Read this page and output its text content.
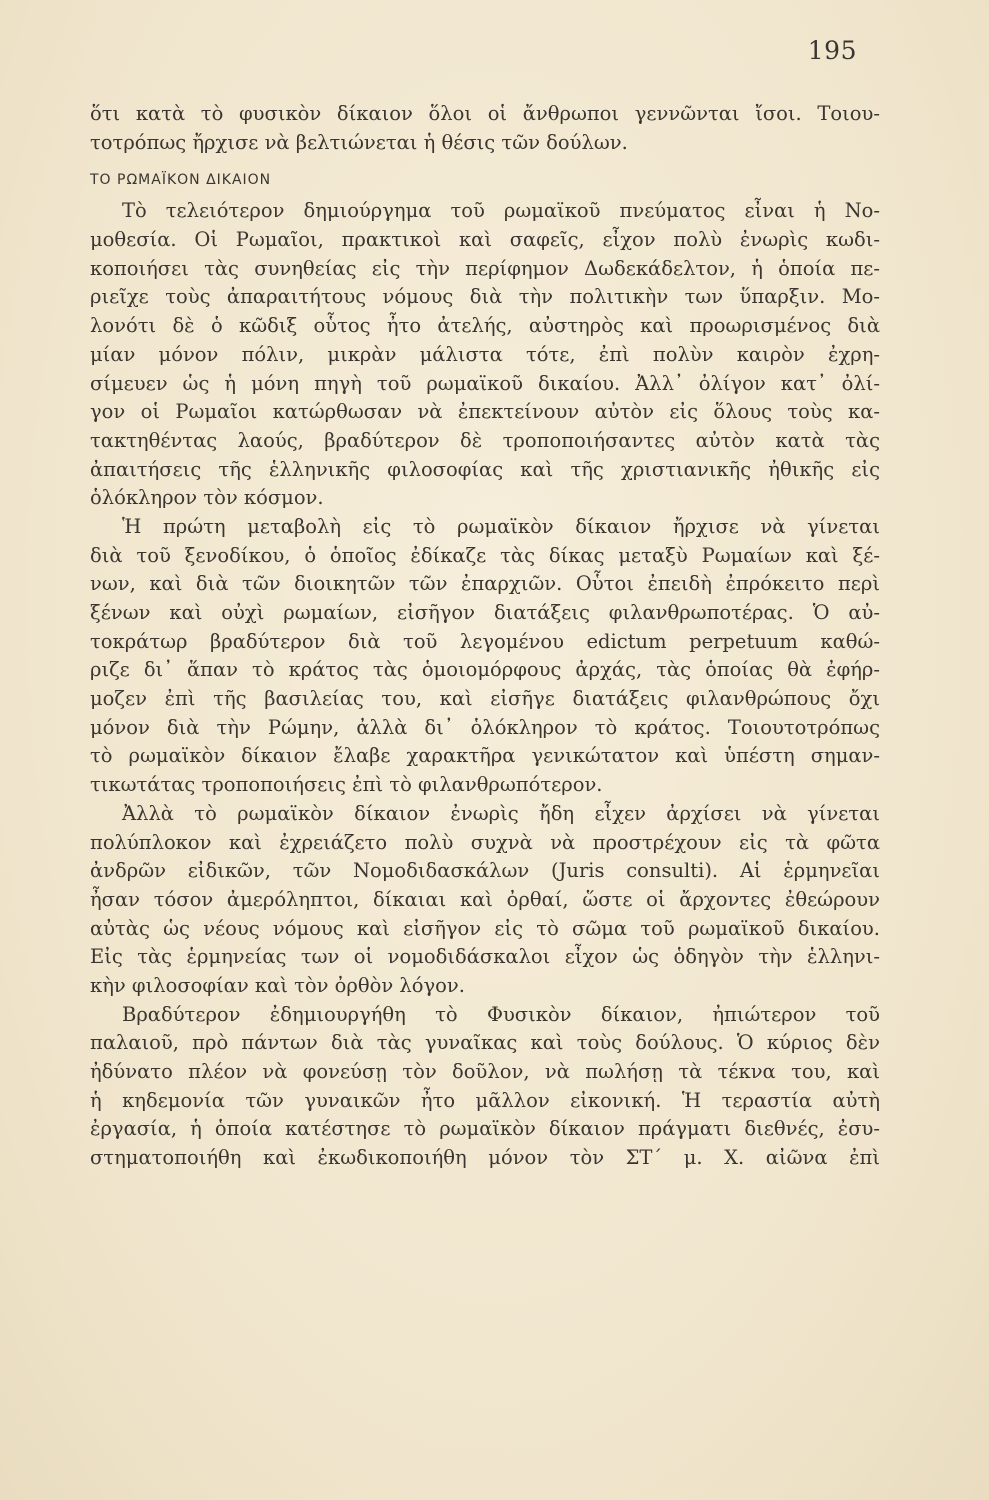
195
ὅτι κατὰ τὸ φυσικὸν δίκαιον ὅλοι οἱ ἄνθρωποι γεννῶνται ἴσοι. Τοιου-
τοτρόπως ἤρχισε νὰ βελτιώνεται ἡ θέσις τῶν δούλων.
ΤΟ ΡΩΜΑΪΚΟΝ ΔΙΚΑΙΟΝ
Τὸ τελειότερον δημιούργημα τοῦ ρωμαϊκοῦ πνεύματος εἶναι ἡ Νο-
μοθεσία. Οἱ Ρωμαῖοι, πρακτικοὶ καὶ σαφεῖς, εἶχον πολὺ ἐνωρὶς κωδι-
κοποιήσει τὰς συνηθείας εἰς τὴν περίφημον Δωδεκάδελτον, ἡ ὁποία πε-
ριεῖχε τοὺς ἀπαραιτήτους νόμους διὰ τὴν πολιτικὴν των ὕπαρξιν. Μο-
λονότι δὲ ὁ κῶδιξ οὗτος ἦτο ἀτελής, αὐστηρὸς καὶ προωρισμένος διὰ
μίαν μόνον πόλιν, μικρὰν μάλιστα τότε, ἐπὶ πολὺν καιρὸν ἐχρη-
σίμευεν ὡς ἡ μόνη πηγὴ τοῦ ρωμαϊκοῦ δικαίου. Ἀλλ᾽ ὀλίγον κατ᾽ ὀλί-
γον οἱ Ρωμαῖοι κατώρθωσαν νὰ ἐπεκτείνουν αὐτὸν εἰς ὅλους τοὺς κα-
τακτηθέντας λαούς, βραδύτερον δὲ τροποποιήσαντες αὐτὸν κατὰ τὰς
ἀπαιτήσεις τῆς ἑλληνικῆς φιλοσοφίας καὶ τῆς χριστιανικῆς ἠθικῆς εἰς
ὁλόκληρον τὸν κόσμον.
Ἡ πρώτη μεταβολὴ εἰς τὸ ρωμαϊκὸν δίκαιον ἤρχισε νὰ γίνεται
διὰ τοῦ ξενοδίκου, ὁ ὁποῖος ἐδίκαζε τὰς δίκας μεταξὺ Ρωμαίων καὶ ξέ-
νων, καὶ διὰ τῶν διοικητῶν τῶν ἐπαρχιῶν. Οὗτοι ἐπειδὴ ἐπρόκειτο περὶ
ξένων καὶ οὐχὶ ρωμαίων, εἰσῆγον διατάξεις φιλανθρωποτέρας. Ὁ αὐ-
τοκράτωρ βραδύτερον διὰ τοῦ λεγομένου edictum perpetuum καθώ-
ριζε δι᾽ ἅπαν τὸ κράτος τὰς ὁμοιομόρφους ἀρχάς, τὰς ὁποίας θὰ ἐφήρ-
μοζεν ἐπὶ τῆς βασιλείας του, καὶ εἰσῆγε διατάξεις φιλανθρώπους ὄχι
μόνον διὰ τὴν Ρώμην, ἀλλὰ δι᾽ ὁλόκληρον τὸ κράτος. Τοιουτοτρόπως
τὸ ρωμαϊκὸν δίκαιον ἔλαβε χαρακτῆρα γενικώτατον καὶ ὑπέστη σημαν-
τικωτάτας τροποποιήσεις ἐπὶ τὸ φιλανθρωπότερον.
Ἀλλὰ τὸ ρωμαϊκὸν δίκαιον ἐνωρὶς ἤδη εἶχεν ἀρχίσει νὰ γίνεται
πολύπλοκον καὶ ἐχρειάζετο πολὺ συχνὰ νὰ προστρέχουν εἰς τὰ φῶτα
ἀνδρῶν εἰδικῶν, τῶν Νομοδιδασκάλων (Juris consulti). Αἱ ἑρμηνεῖαι
ἦσαν τόσον ἀμερόληπτοι, δίκαιαι καὶ ὀρθαί, ὥστε οἱ ἄρχοντες ἐθεώρουν
αὐτὰς ὡς νέους νόμους καὶ εἰσῆγον εἰς τὸ σῶμα τοῦ ρωμαϊκοῦ δικαίου.
Εἰς τὰς ἑρμηνείας των οἱ νομοδιδάσκαλοι εἶχον ὡς ὁδηγὸν τὴν ἑλληνι-
κὴν φιλοσοφίαν καὶ τὸν ὀρθὸν λόγον.
Βραδύτερον ἐδημιουργήθη τὸ Φυσικὸν δίκαιον, ἠπιώτερον τοῦ
παλαιοῦ, πρὸ πάντων διὰ τὰς γυναῖκας καὶ τοὺς δούλους. Ὁ κύριος δὲν
ἠδύνατο πλέον νὰ φονεύσῃ τὸν δοῦλον, νὰ πωλήσῃ τὰ τέκνα του, καὶ
ἡ κηδεμονία τῶν γυναικῶν ἦτο μᾶλλον εἰκονική. Ἡ τεραστία αὐτὴ
ἐργασία, ἡ ὁποία κατέστησε τὸ ρωμαϊκὸν δίκαιον πράγματι διεθνές, ἐσυ-
στηματοποιήθη καὶ ἐκωδικοποιήθη μόνον τὸν ΣΤ´ μ. Χ. αἰῶνα ἐπὶ
